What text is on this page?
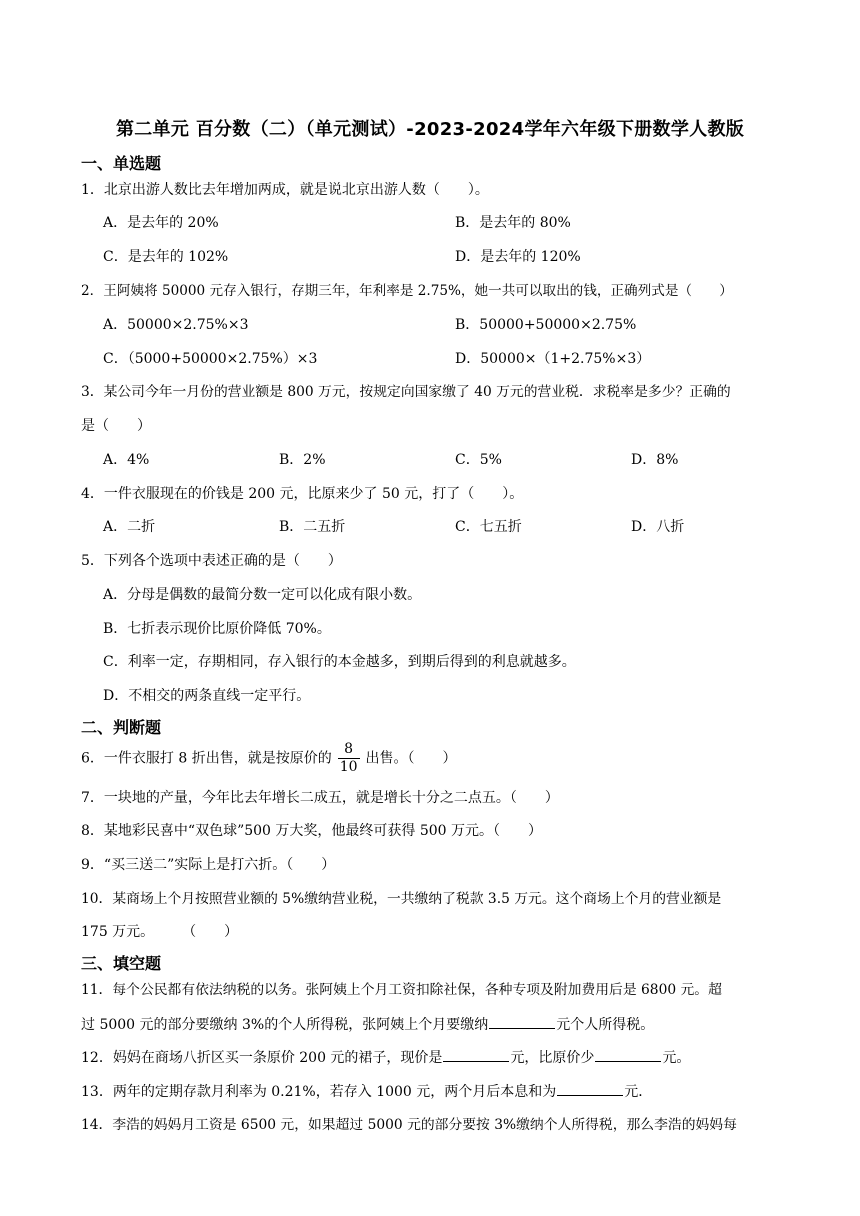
第二单元 百分数（二）（单元测试）-2023-2024学年六年级下册数学人教版
一、单选题
1．北京出游人数比去年增加两成，就是说北京出游人数（　　）。
A．是去年的 20%	B．是去年的 80%
C．是去年的 102%	D．是去年的 120%
2．王阿姨将 50000 元存入银行，存期三年，年利率是 2.75%，她一共可以取出的钱，正确列式是（　　）
A．50000×2.75%×3	B．50000+50000×2.75%
C．（5000+50000×2.75%）×3	D．50000×（1+2.75%×3）
3．某公司今年一月份的营业额是 800 万元，按规定向国家缴了 40 万元的营业税．求税率是多少？正确的
是（　　）
A．4%	B．2%	C．5%	D．8%
4．一件衣服现在的价钱是 200 元，比原来少了 50 元，打了（　　）。
A．二折	B．二五折	C．七五折	D．八折
5．下列各个选项中表述正确的是（　　）
A．分母是偶数的最简分数一定可以化成有限小数。
B．七折表示现价比原价降低 70%。
C．利率一定，存期相同，存入银行的本金越多，到期后得到的利息就越多。
D．不相交的两条直线一定平行。
二、判断题
6．一件衣服打 8 折出售，就是按原价的 $\frac{8}{10}$ 出售。（　　）
7．一块地的产量，今年比去年增长二成五，就是增长十分之二点五。（　　）
8．某地彩民喜中“双色球”500 万大奖，他最终可获得 500 万元。（　　）
9．“买三送二”实际上是打六折。（　　）
10．某商场上个月按照营业额的 5%缴纳营业税，一共缴纳了税款 3.5 万元。这个商场上个月的营业额是
175 万元。　　　（　　）
三、填空题
11．每个公民都有依法纳税的以务。张阿姨上个月工资扣除社保，各种专项及附加费用后是 6800 元。超
过 5000 元的部分要缴纳 3%的个人所得税，张阿姨上个月要缴纳	元个人所得税。
12．妈妈在商场八折区买一条原价 200 元的裙子，现价是	元，比原价少	元。
13．两年的定期存款月利率为 0.21%，若存入 1000 元，两个月后本息和为	元．
14．李浩的妈妈月工资是 6500 元，如果超过 5000 元的部分要按 3%缴纳个人所得税，那么李浩的妈妈每
